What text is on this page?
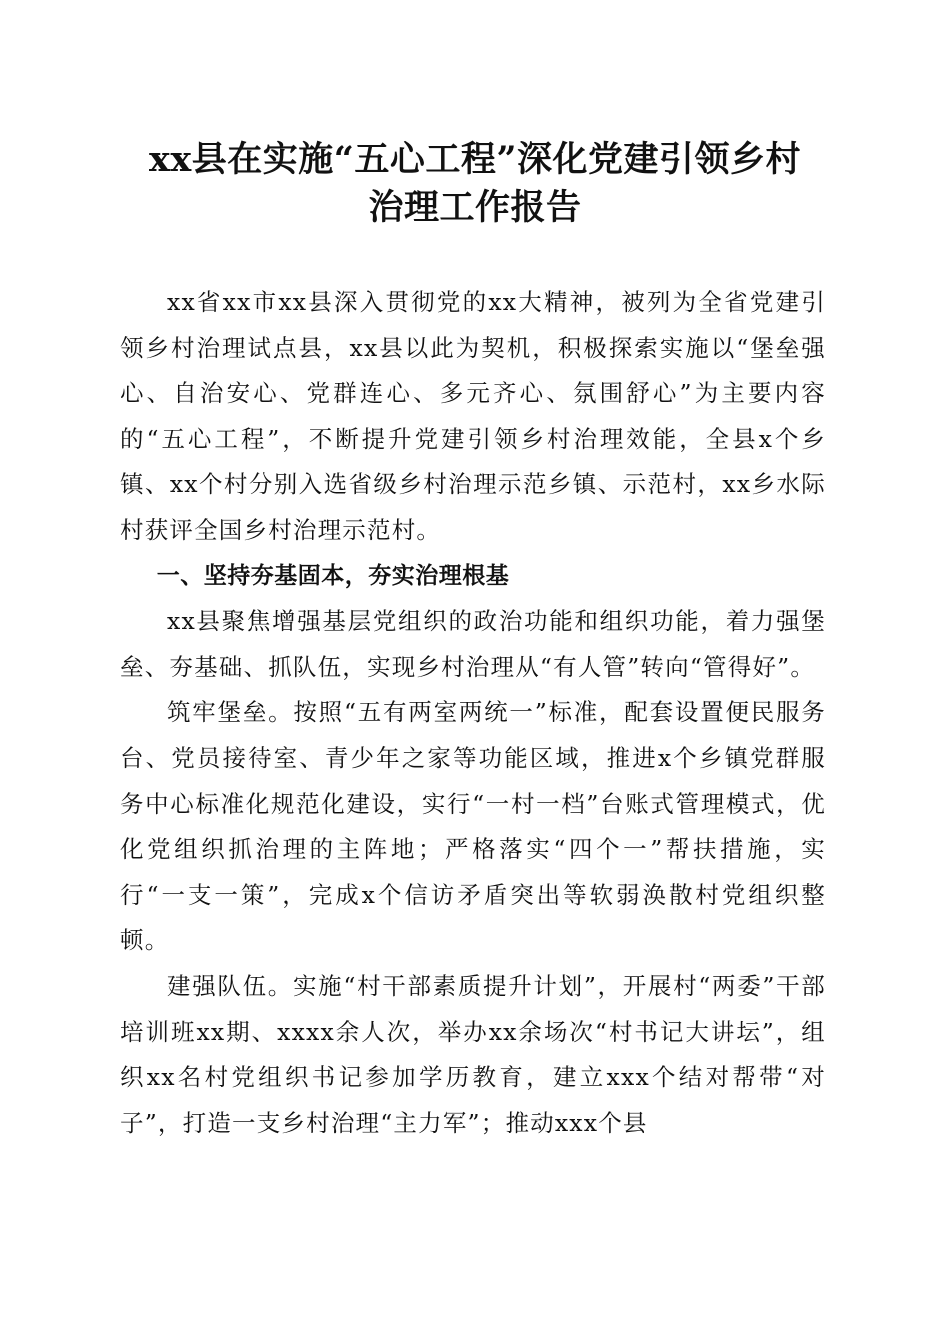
xx县在实施“五心工程”深化党建引领乡村
治理工作报告

xx省xx市xx县深入贯彻党的xx大精神，被列为全省党建引领乡村治理试点县，xx县以此为契机，积极探索实施以“堡垒强心、自治安心、党群连心、多元齐心、氛围舒心”为主要内容的“五心工程”，不断提升党建引领乡村治理效能，全县x个乡镇、xx个村分别入选省级乡村治理示范乡镇、示范村，xx乡水际村获评全国乡村治理示范村。

一、坚持夯基固本，夯实治理根基

xx县聚焦增强基层党组织的政治功能和组织功能，着力强堡垒、夯基础、抓队伍，实现乡村治理从“有人管”转向“管得好”。

筑牢堡垒。按照“五有两室两统一”标准，配套设置便民服务台、党员接待室、青少年之家等功能区域，推进x个乡镇党群服务中心标准化规范化建设，实行“一村一档”台账式管理模式，优化党组织抓治理的主阵地；严格落实“四个一”帮扶措施，实行“一支一策”，完成x个信访矛盾突出等软弱涣散村党组织整顿。

建强队伍。实施“村干部素质提升计划”，开展村“两委”干部培训班xx期、xxxx余人次，举办xx余场次“村书记大讲坛”，组织xx名村党组织书记参加学历教育，建立xxx个结对帮带“对子”，打造一支乡村治理“主力军”；推动xxx个县
